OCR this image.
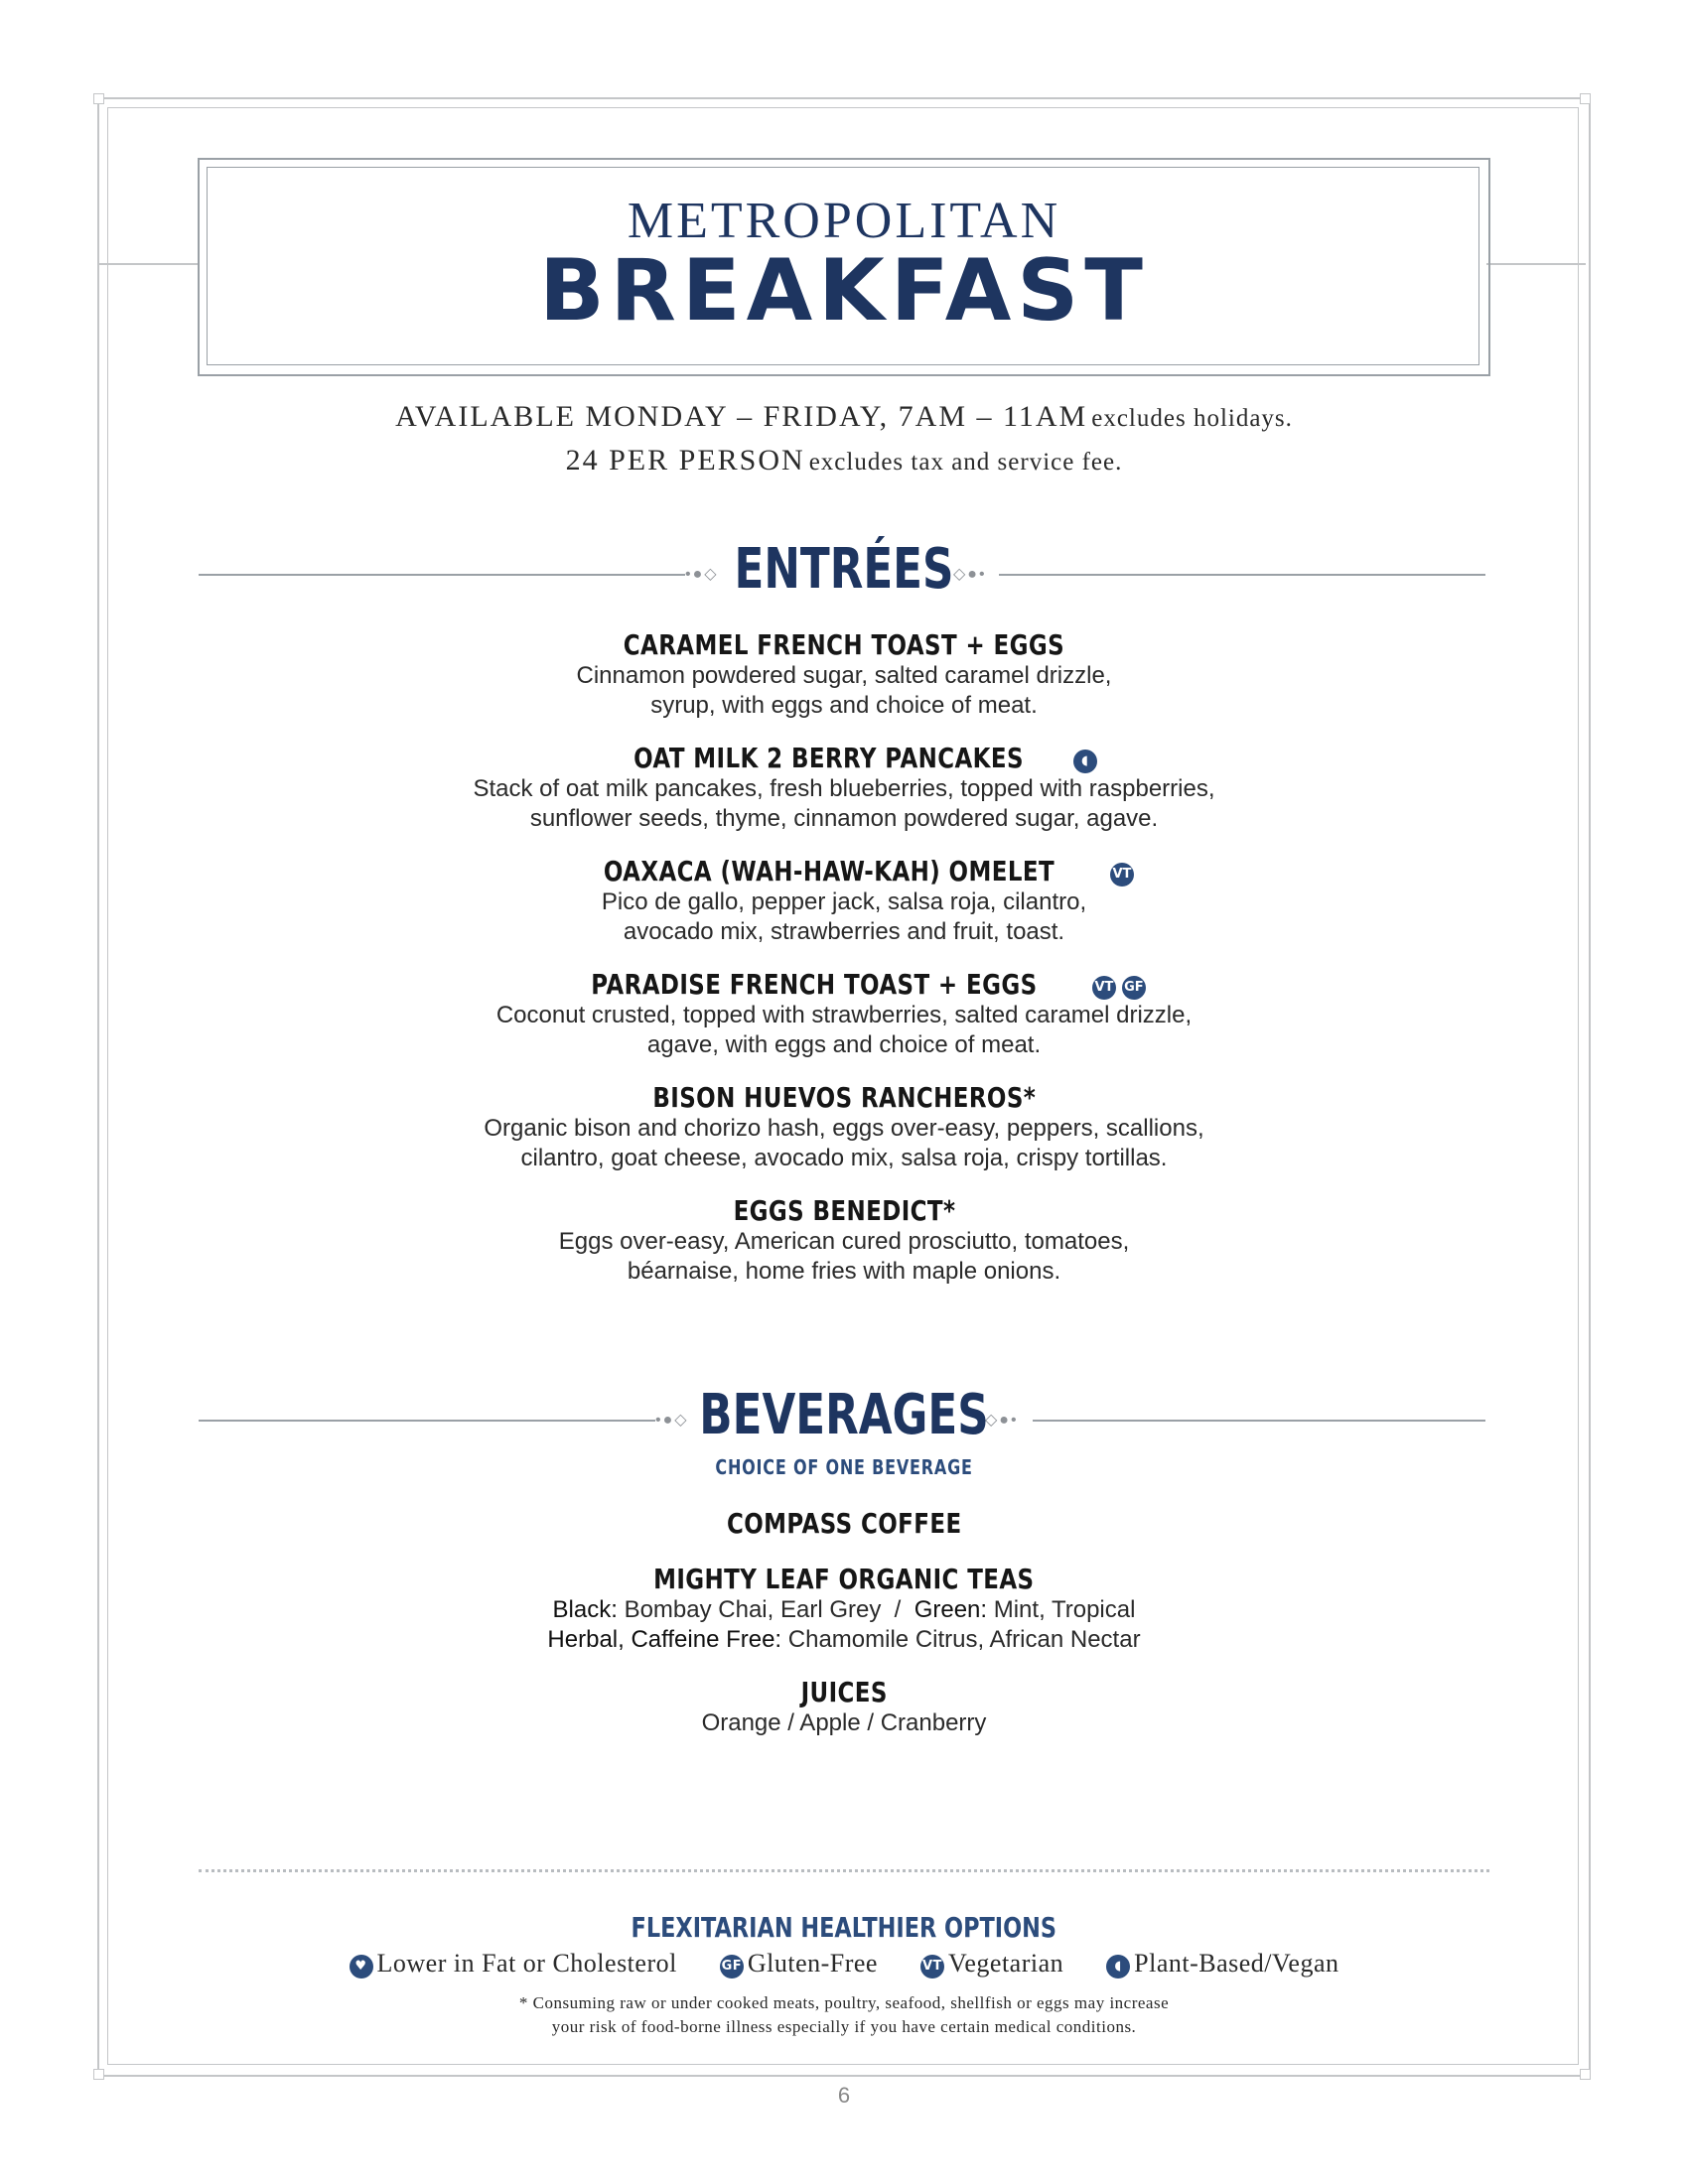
METROPOLITAN
BREAKFAST
AVAILABLE MONDAY – FRIDAY, 7AM – 11AM excludes holidays.
24 PER PERSON excludes tax and service fee.
•●◇	◇●•
ENTRÉES
CARAMEL FRENCH TOAST + EGGS
Cinnamon powdered sugar, salted caramel drizzle,
syrup, with eggs and choice of meat.
OAT MILK 2 BERRY PANCAKES	◖
Stack of oat milk pancakes, fresh blueberries, topped with raspberries,
sunflower seeds, thyme, cinnamon powdered sugar, agave.
OAXACA (WAH-HAW-KAH) OMELET	VT
Pico de gallo, pepper jack, salsa roja, cilantro,
avocado mix, strawberries and fruit, toast.
PARADISE FRENCH TOAST + EGGS	VT GF
Coconut crusted, topped with strawberries, salted caramel drizzle,
agave, with eggs and choice of meat.
BISON HUEVOS RANCHEROS*
Organic bison and chorizo hash, eggs over-easy, peppers, scallions,
cilantro, goat cheese, avocado mix, salsa roja, crispy tortillas.
EGGS BENEDICT*
Eggs over-easy, American cured prosciutto, tomatoes,
béarnaise, home fries with maple onions.
•●◇	◇●•
BEVERAGES
CHOICE OF ONE BEVERAGE
COMPASS COFFEE
MIGHTY LEAF ORGANIC TEAS
Black: Bombay Chai, Earl Grey / Green: Mint, Tropical
Herbal, Caffeine Free: Chamomile Citrus, African Nectar
JUICES
Orange / Apple / Cranberry
FLEXITARIAN HEALTHIER OPTIONS
♥ Lower in Fat or Cholesterol	GF Gluten-Free	VT Vegetarian	◖ Plant-Based/Vegan
* Consuming raw or under cooked meats, poultry, seafood, shellfish or eggs may increase
your risk of food-borne illness especially if you have certain medical conditions.
6
